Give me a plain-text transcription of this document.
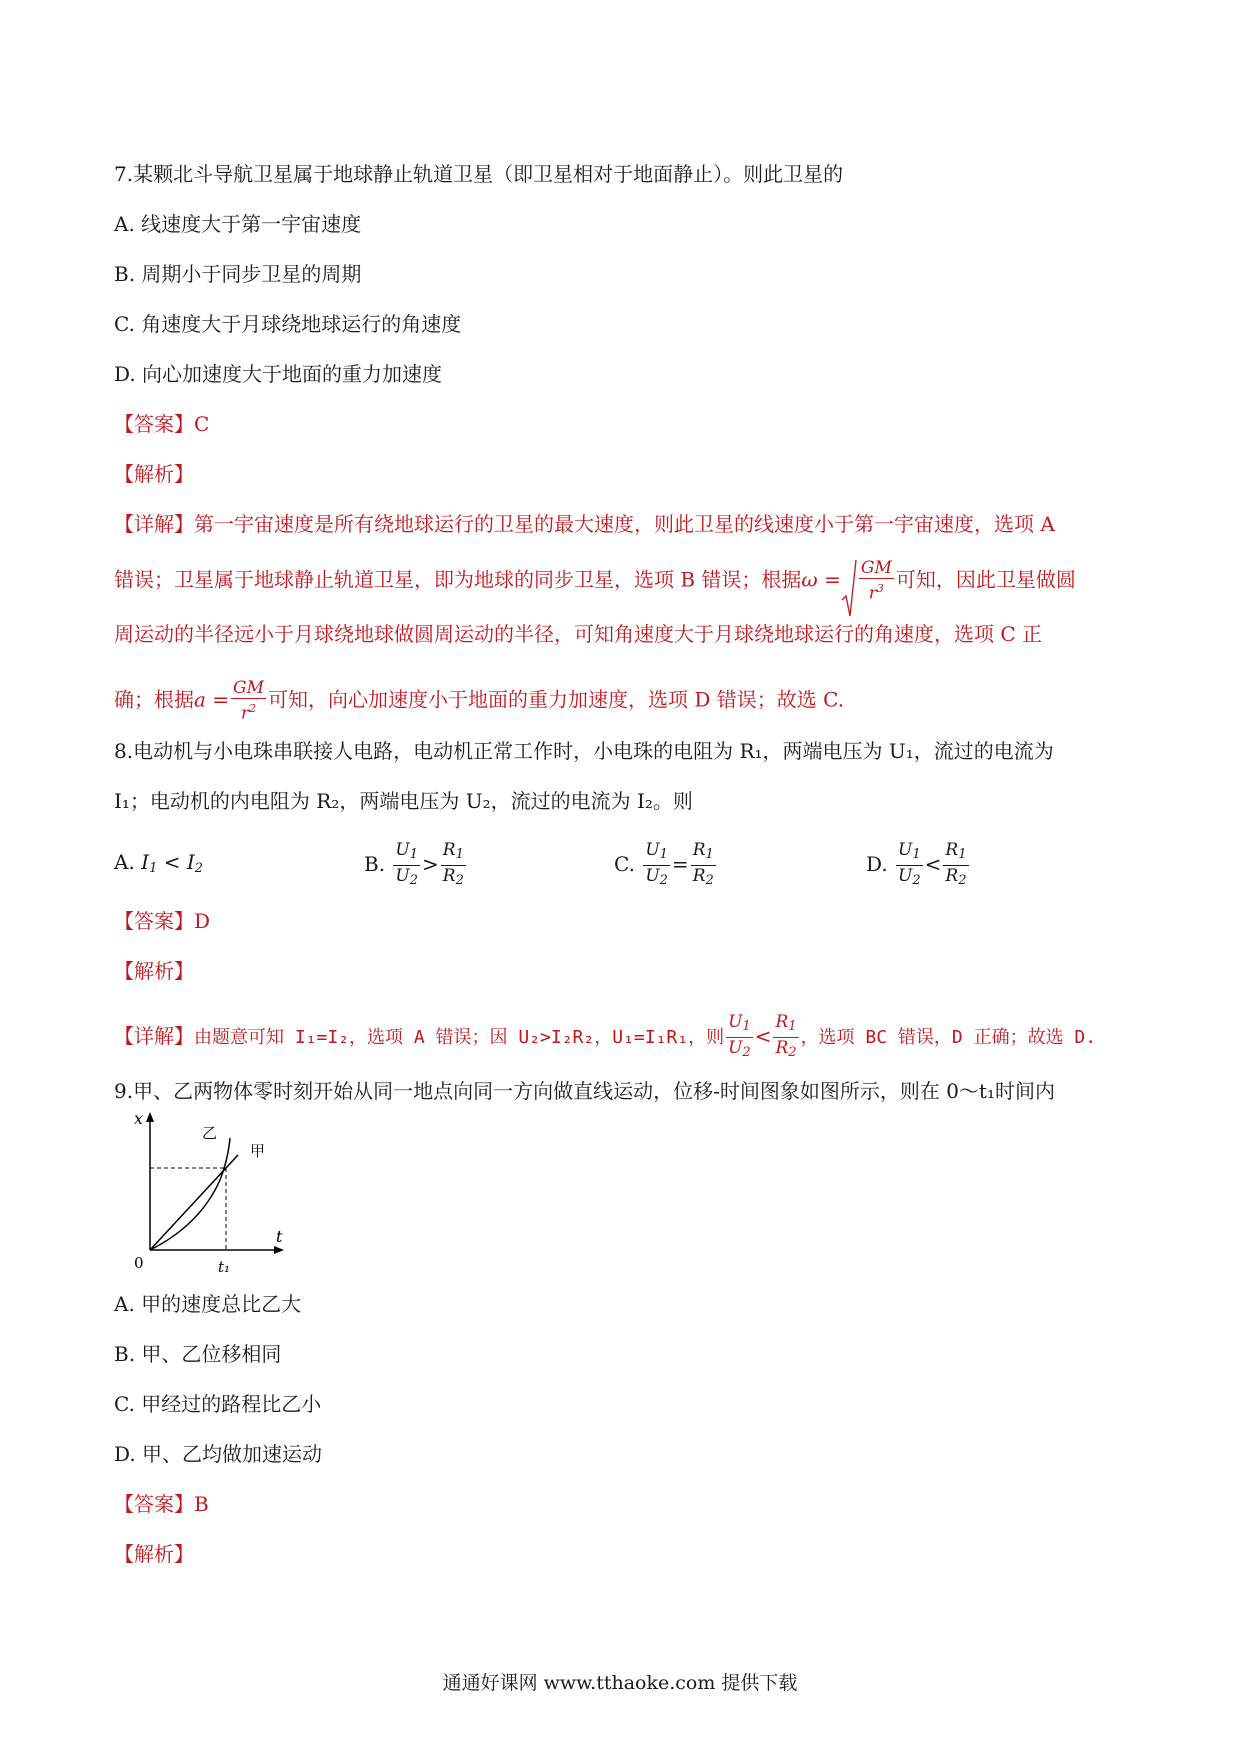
7.某颗北斗导航卫星属于地球静止轨道卫星（即卫星相对于地面静止）。则此卫星的
A. 线速度大于第一宇宙速度
B. 周期小于同步卫星的周期
C. 角速度大于月球绕地球运行的角速度
D. 向心加速度大于地面的重力加速度
【答案】C
【解析】
【详解】第一宇宙速度是所有绕地球运行的卫星的最大速度，则此卫星的线速度小于第一宇宙速度，选项 A
错误；卫星属于地球静止轨道卫星，即为地球的同步卫星，选项 B 错误；根据$\omega = \frac{GM}{r^3}$ 可知，因此卫星做圆
周运动的半径远小于月球绕地球做圆周运动的半径，可知角速度大于月球绕地球运行的角速度，选项 C 正
确；根据$a = \frac{GM}{r^2}$ 可知，向心加速度小于地面的重力加速度，选项 D 错误；故选 C.
8.电动机与小电珠串联接人电路，电动机正常工作时，小电珠的电阻为 R₁，两端电压为 U₁，流过的电流为
I₁；电动机的内电阻为 R₂，两端电压为 U₂，流过的电流为 I₂。则
A. $I_1 < I_2$	B. $\frac{U_1}{U_2} > \frac{R_1}{R_2}$	C. $\frac{U_1}{U_2} = \frac{R_1}{R_2}$	D. $\frac{U_1}{U_2} < \frac{R_1}{R_2}$
【答案】D
【解析】
【详解】由题意可知 I₁=I₂，选项 A 错误；因 U₂>I₂R₂，U₁=I₁R₁，则 $\frac{U_1}{U_2} < \frac{R_1}{R_2}$ ，选项 BC 错误，D 正确；故选 D.
9.甲、乙两物体零时刻开始从同一地点向同一方向做直线运动，位移-时间图象如图所示，则在 0～t₁时间内
x
t
0	t₁
甲
乙
A. 甲的速度总比乙大
B. 甲、乙位移相同
C. 甲经过的路程比乙小
D. 甲、乙均做加速运动
【答案】B
【解析】
通通好课网 www.tthaoke.com 提供下载
